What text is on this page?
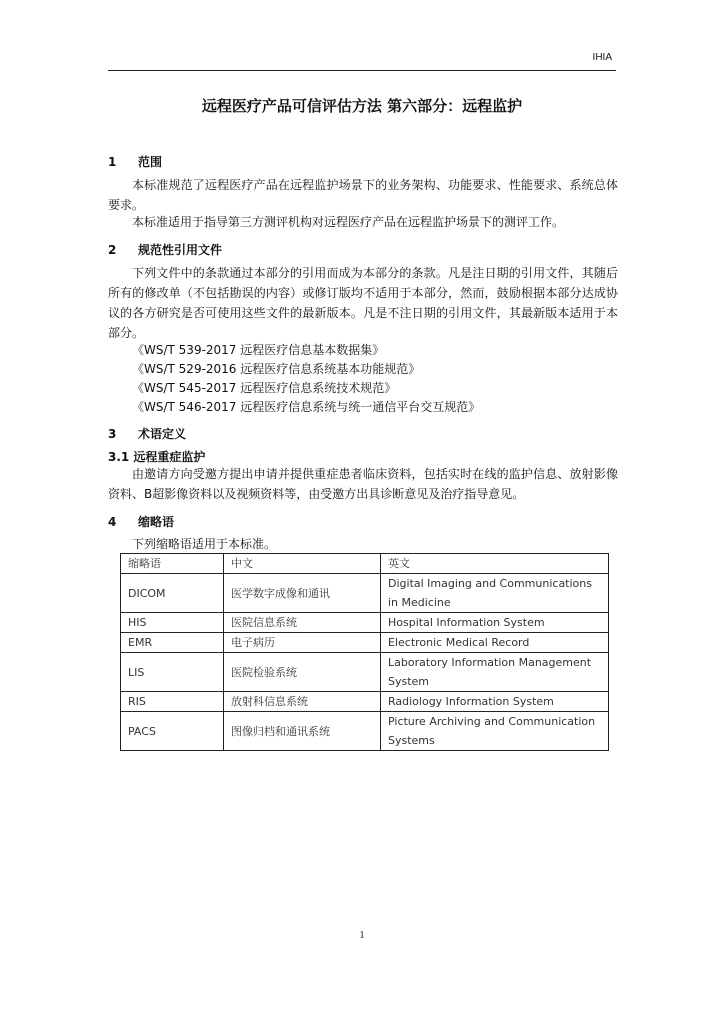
IHIA
远程医疗产品可信评估方法 第六部分：远程监护
1 范围
本标准规范了远程医疗产品在远程监护场景下的业务架构、功能要求、性能要求、系统总体要求。
本标准适用于指导第三方测评机构对远程医疗产品在远程监护场景下的测评工作。
2 规范性引用文件
下列文件中的条款通过本部分的引用而成为本部分的条款。凡是注日期的引用文件，其随后所有的修改单（不包括勘误的内容）或修订版均不适用于本部分，然而，鼓励根据本部分达成协议的各方研究是否可使用这些文件的最新版本。凡是不注日期的引用文件，其最新版本适用于本部分。
《WS/T 539-2017 远程医疗信息基本数据集》
《WS/T 529-2016 远程医疗信息系统基本功能规范》
《WS/T 545-2017 远程医疗信息系统技术规范》
《WS/T 546-2017 远程医疗信息系统与统一通信平台交互规范》
3 术语定义
3.1 远程重症监护
由邀请方向受邀方提出申请并提供重症患者临床资料，包括实时在线的监护信息、放射影像资料、B超影像资料以及视频资料等，由受邀方出具诊断意见及治疗指导意见。
4 缩略语
下列缩略语适用于本标准。
缩略语	中文	英文
DICOM	医学数字成像和通讯	Digital Imaging and Communications in Medicine
HIS	医院信息系统	Hospital Information System
EMR	电子病历	Electronic Medical Record
LIS	医院检验系统	Laboratory Information Management System
RIS	放射科信息系统	Radiology Information System
PACS	图像归档和通讯系统	Picture Archiving and Communication Systems
1
